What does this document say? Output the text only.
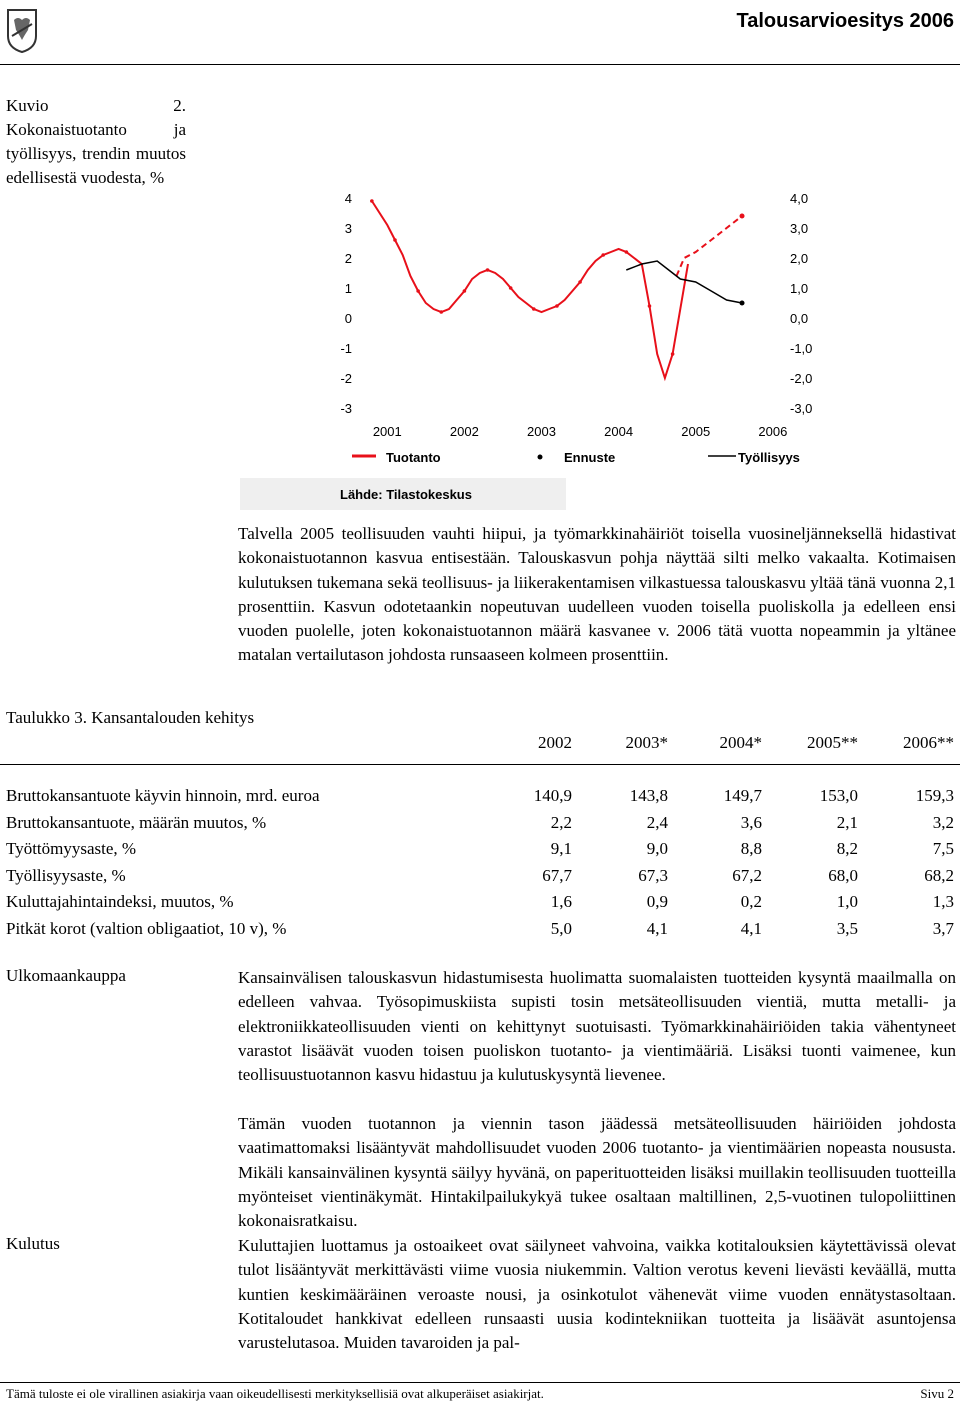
Talousarvioesitys 2006
Kuvio 2. Kokonaistuotanto ja työllisyys, trendin muutos edellisestä vuodesta, %
4
3
2
1
0
-1
-2
-3
4,0
3,0
2,0
1,0
0,0
-1,0
-2,0
-3,0
2001	2002	2003	2004	2005	2006
Tuotanto	Ennuste	Työllisyys
Lähde: Tilastokeskus
Talvella 2005 teollisuuden vauhti hiipui, ja työmarkkinahäiriöt toisella vuosineljänneksellä hidastivat kokonaistuotannon kasvua entisestään. Talouskasvun pohja näyttää silti melko vakaalta. Kotimaisen kulutuksen tukemana sekä teollisuus- ja liikerakentamisen vilkastuessa talouskasvu yltää tänä vuonna 2,1 prosenttiin. Kasvun odotetaankin nopeutuvan uudelleen vuoden toisella puoliskolla ja edelleen ensi vuoden puolelle, joten kokonaistuotannon määrä kasvanee v. 2006 tätä vuotta nopeammin ja yltänee matalan vertailutason johdosta runsaaseen kolmeen prosenttiin.
Taulukko 3. Kansantalouden kehitys
2002	2003*	2004*	2005**	2006**
Bruttokansantuote käyvin hinnoin, mrd. euroa	140,9	143,8	149,7	153,0	159,3
Bruttokansantuote, määrän muutos, %	2,2	2,4	3,6	2,1	3,2
Työttömyysaste, %	9,1	9,0	8,8	8,2	7,5
Työllisyysaste, %	67,7	67,3	67,2	68,0	68,2
Kuluttajahintaindeksi, muutos, %	1,6	0,9	0,2	1,0	1,3
Pitkät korot (valtion obligaatiot, 10 v), %	5,0	4,1	4,1	3,5	3,7
Ulkomaankauppa	Kansainvälisen talouskasvun hidastumisesta huolimatta suomalaisten tuotteiden kysyntä maailmalla on edelleen vahvaa. Työsopimuskiista supisti tosin metsäteollisuuden vientiä, mutta metalli- ja elektroniikkateollisuuden vienti on kehittynyt suotuisasti. Työmarkkinahäiriöiden takia vähentyneet varastot lisäävät vuoden toisen puoliskon tuotanto- ja vientimääriä. Lisäksi tuonti vaimenee, kun teollisuustuotannon kasvu hidastuu ja kulutuskysyntä lievenee.
Tämän vuoden tuotannon ja viennin tason jäädessä metsäteollisuuden häiriöiden johdosta vaatimattomaksi lisääntyvät mahdollisuudet vuoden 2006 tuotanto- ja vientimäärien nopeasta noususta. Mikäli kansainvälinen kysyntä säilyy hyvänä, on paperituotteiden lisäksi muillakin teollisuuden tuotteilla myönteiset vientinäkymät. Hintakilpailukykyä tukee osaltaan maltillinen, 2,5-vuotinen tulopoliittinen kokonaisratkaisu.
Kulutus	Kuluttajien luottamus ja ostoaikeet ovat säilyneet vahvoina, vaikka kotitalouksien käytettävissä olevat tulot lisääntyvät merkittävästi viime vuosia niukemmin. Valtion verotus keveni lievästi keväällä, mutta kuntien keskimääräinen veroaste nousi, ja osinkotulot vähenevät viime vuoden ennätystasoltaan. Kotitaloudet hankkivat edelleen runsaasti uusia kodintekniikan tuotteita ja lisäävät asuntojensa varustelutasoa. Muiden tavaroiden ja pal-
Tämä tuloste ei ole virallinen asiakirja vaan oikeudellisesti merkityksellisiä ovat alkuperäiset asiakirjat.	Sivu 2
